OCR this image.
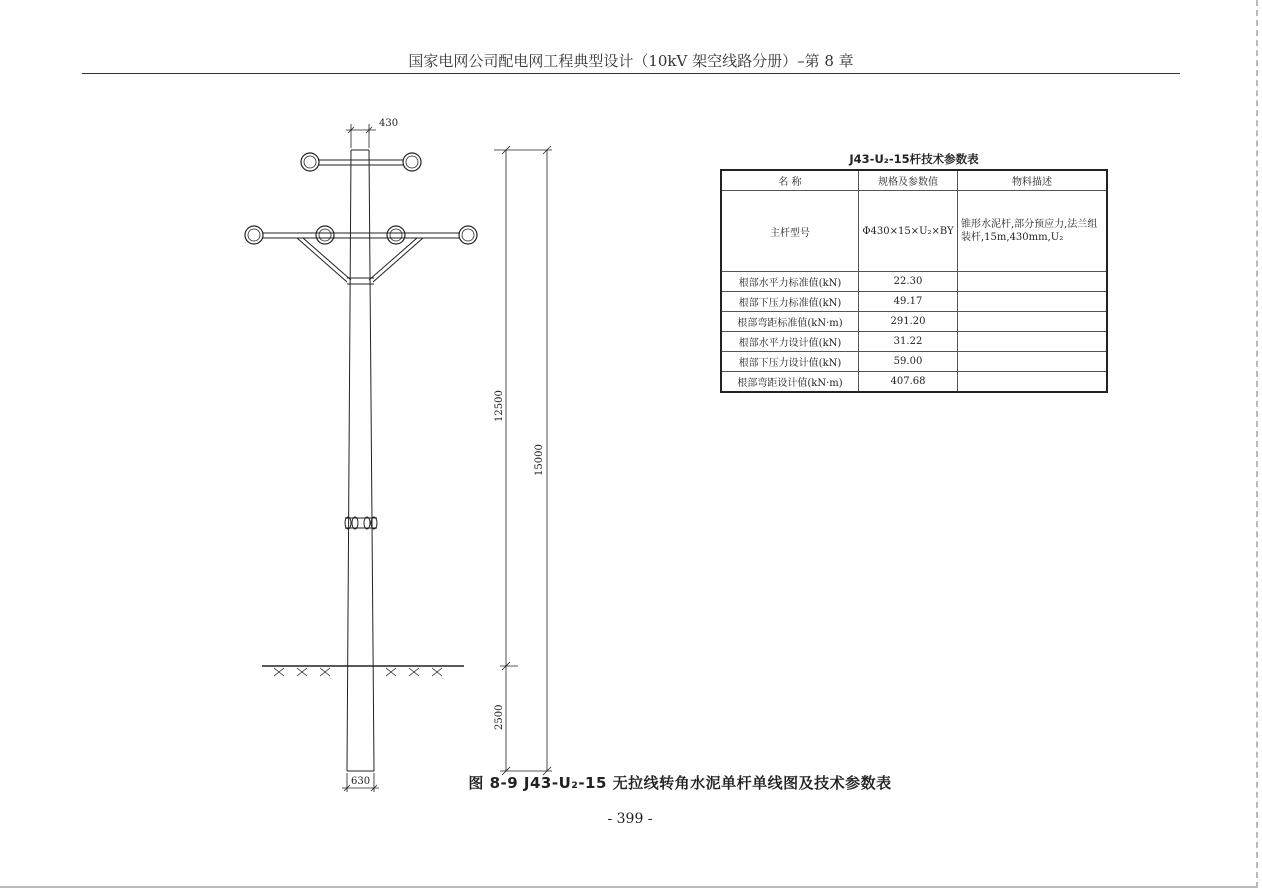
国家电网公司配电网工程典型设计（10kV 架空线路分册）–第 8 章
430
630
12500
15000
2500
J43-U₂-15杆技术参数表
名 称	规格及参数值	物料描述
主杆型号	Φ430×15×U₂×BY	锥形水泥杆,部分预应力,法兰组装杆,15m,430mm,U₂
根部水平力标准值(kN)	22.30	
根部下压力标准值(kN)	49.17	
根部弯距标准值(kN·m)	291.20	
根部水平力设计值(kN)	31.22	
根部下压力设计值(kN)	59.00	
根部弯距设计值(kN·m)	407.68	
图 8-9 J43-U₂-15 无拉线转角水泥单杆单线图及技术参数表
- 399 -
